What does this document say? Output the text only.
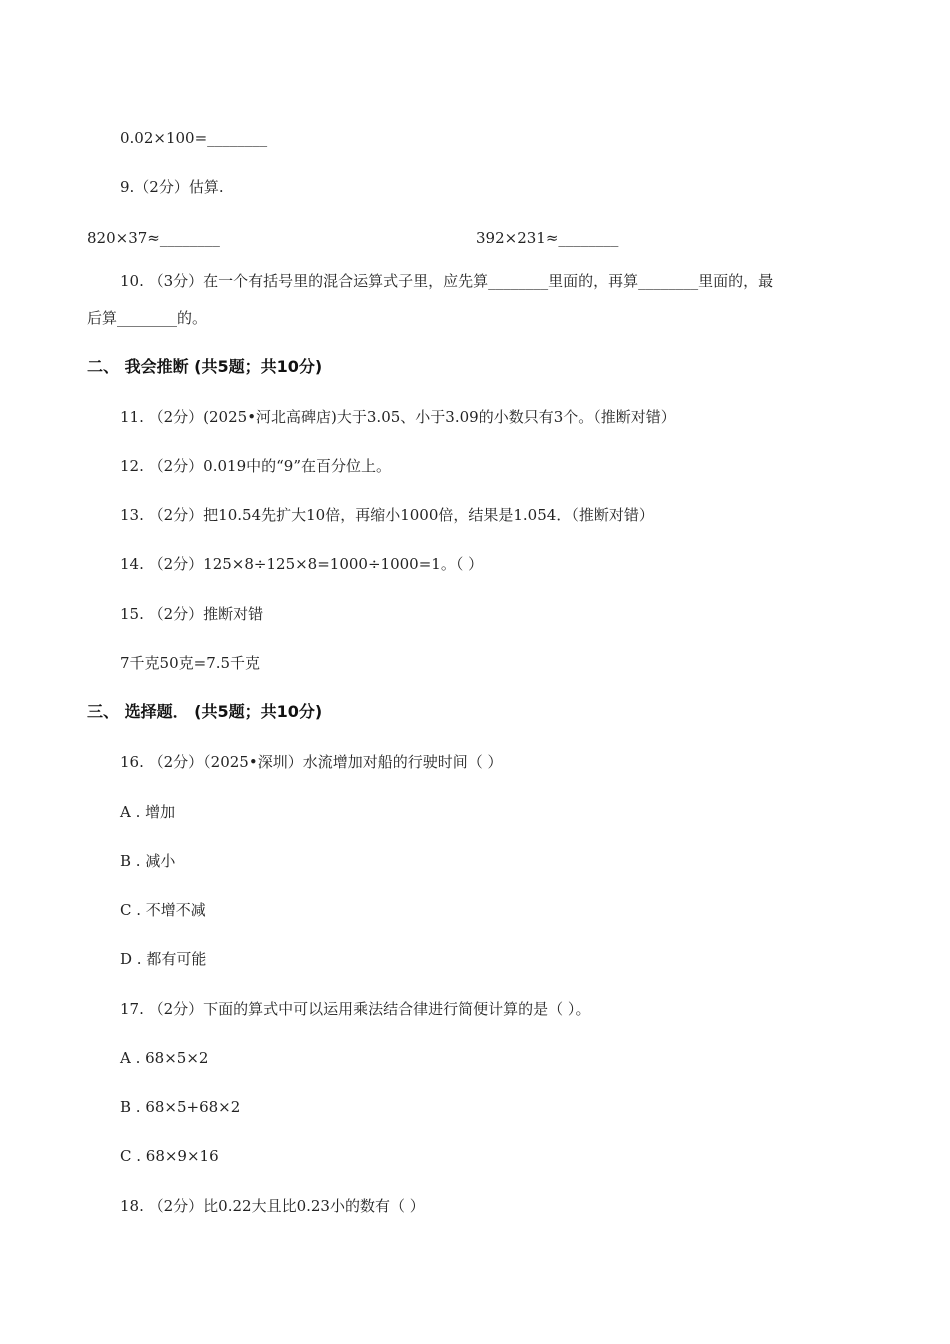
0.02×100=________
9.（2分）估算.
820×37≈________	392×231≈________
10. （3分）在一个有括号里的混合运算式子里，应先算________里面的，再算________里面的，最
后算________的。
二、 我会推断 (共5题；共10分)
11. （2分）(2025•河北高碑店)大于3.05、小于3.09的小数只有3个。（推断对错）
12. （2分）0.019中的“9”在百分位上。
13. （2分）把10.54先扩大10倍，再缩小1000倍，结果是1.054．（推断对错）
14. （2分）125×8÷125×8=1000÷1000=1。（ ）
15. （2分）推断对错
7千克50克=7.5千克
三、 选择题． (共5题；共10分)
16. （2分）（2025•深圳）水流增加对船的行驶时间（ ）
A . 增加
B . 减小
C . 不增不减
D . 都有可能
17. （2分）下面的算式中可以运用乘法结合律进行简便计算的是（ ）。
A . 68×5×2
B . 68×5+68×2
C . 68×9×16
18. （2分）比0.22大且比0.23小的数有（ ）
